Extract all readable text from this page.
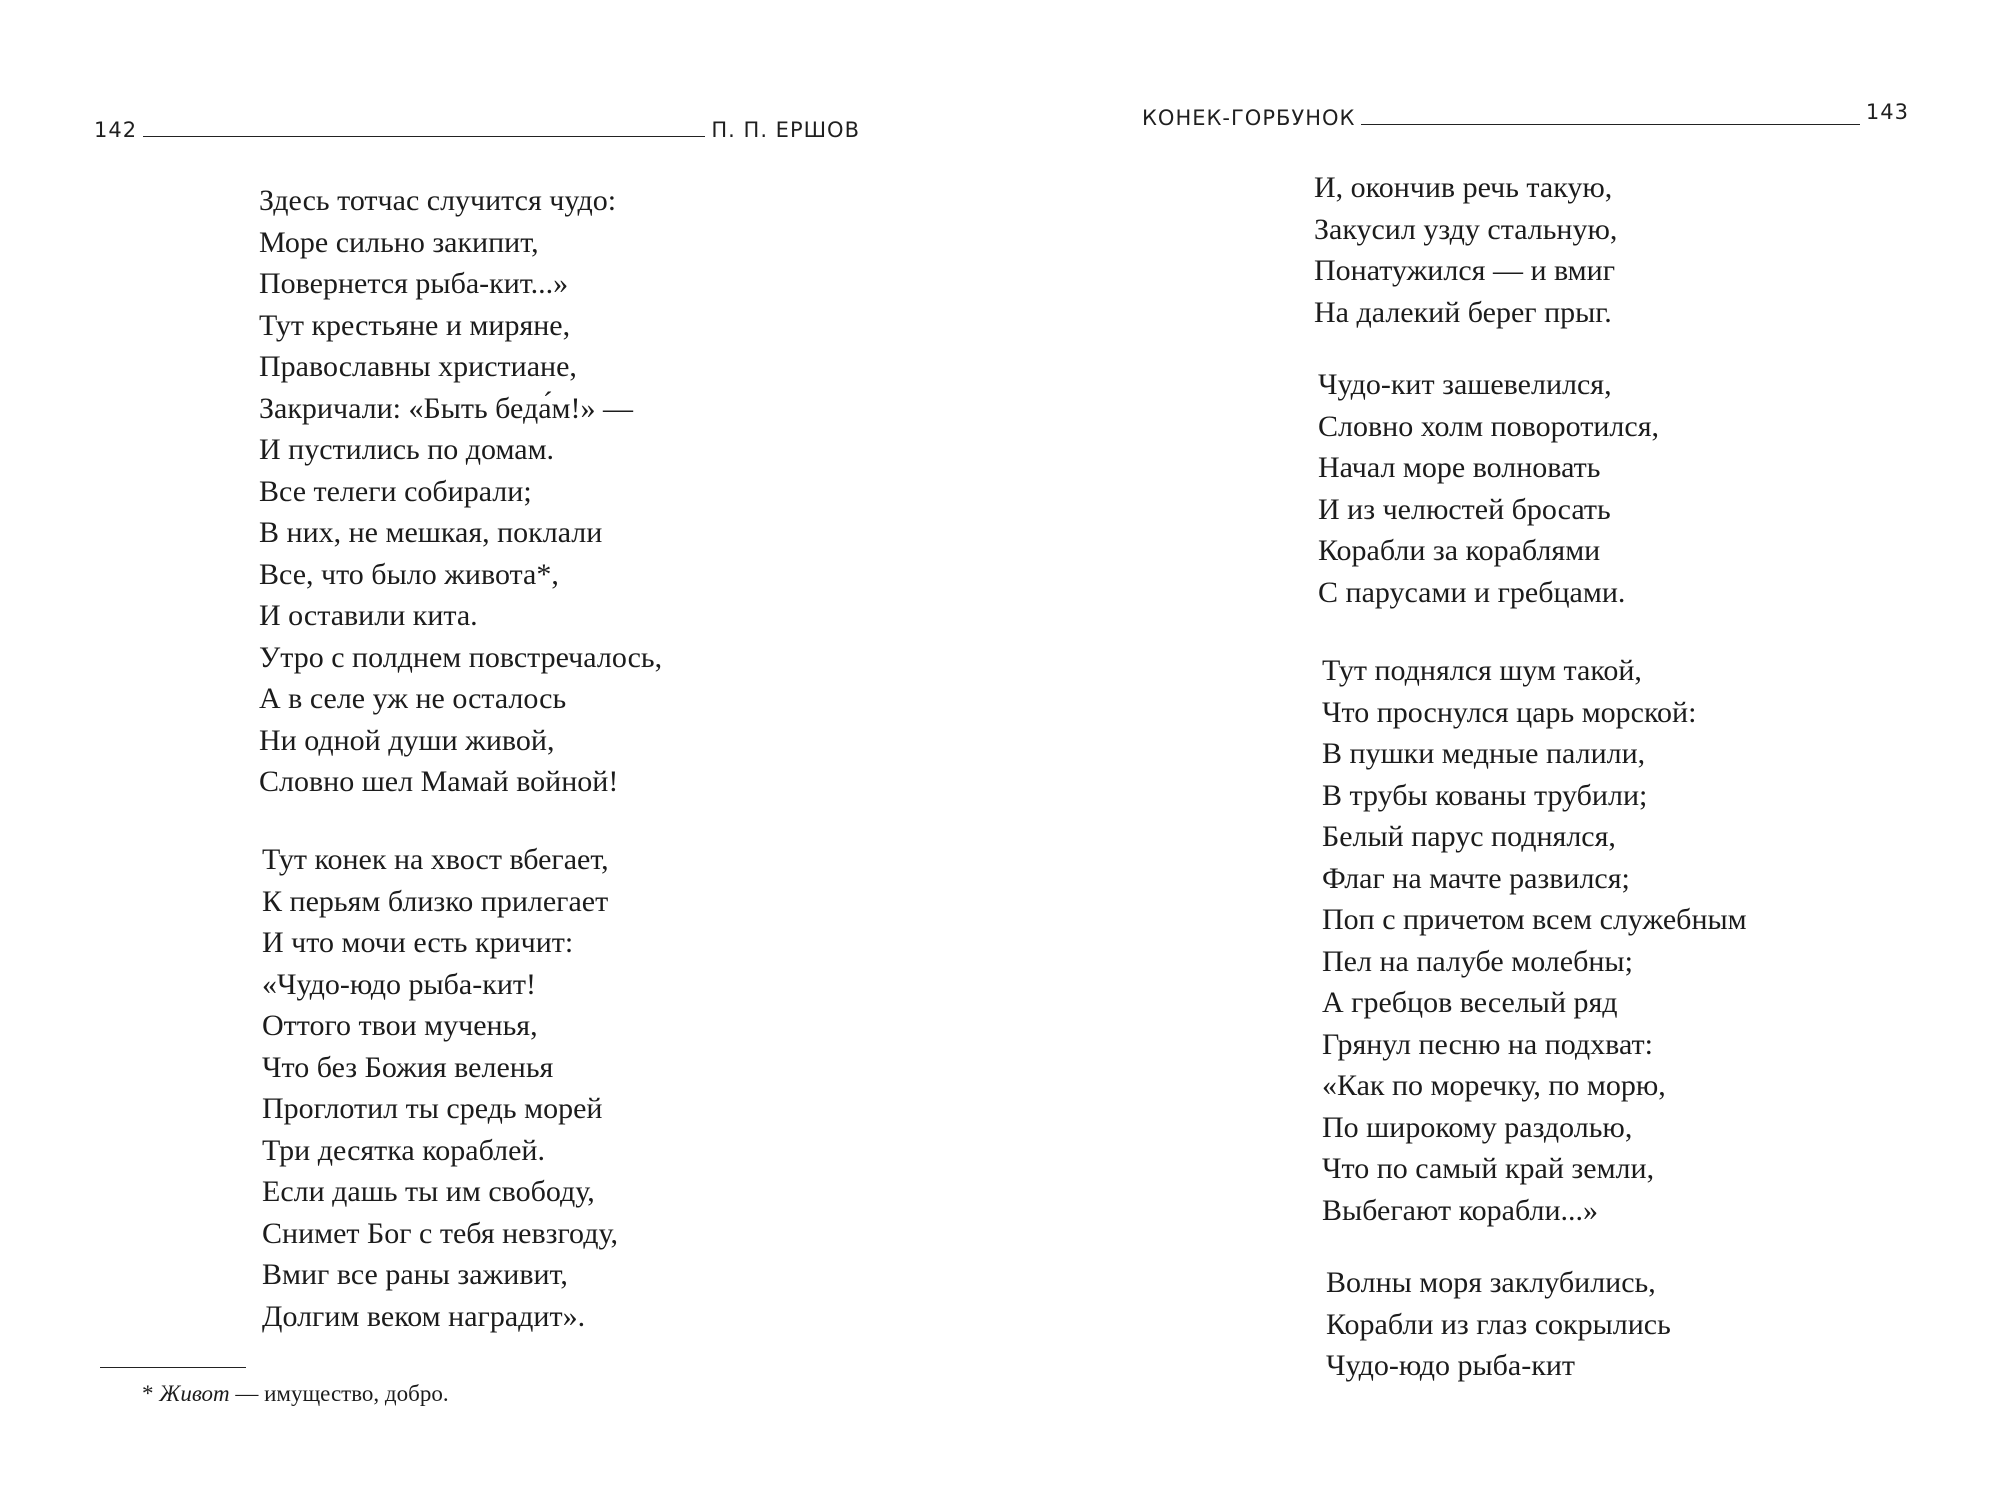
142	П. П. ЕРШОВ
Здесь тотчас случится чудо:
Море сильно закипит,
Повернется рыба-кит...»
Тут крестьяне и миряне,
Православны христиане,
Закричали: «Быть беда́м!» —
И пустились по домам.
Все телеги собирали;
В них, не мешкая, поклали
Все, что было живота*,
И оставили кита.
Утро с полднем повстречалось,
А в селе уж не осталось
Ни одной души живой,
Словно шел Мамай войной!
Тут конек на хвост вбегает,
К перьям близко прилегает
И что мочи есть кричит:
«Чудо-юдо рыба-кит!
Оттого твои мученья,
Что без Божия веленья
Проглотил ты средь морей
Три десятка кораблей.
Если дашь ты им свободу,
Снимет Бог с тебя невзгоду,
Вмиг все раны заживит,
Долгим веком наградит».
* Живот — имущество, добро.
КОНЕК-ГОРБУНОК	143
И, окончив речь такую,
Закусил узду стальную,
Понатужился — и вмиг
На далекий берег прыг.
Чудо-кит зашевелился,
Словно холм поворотился,
Начал море волновать
И из челюстей бросать
Корабли за кораблями
С парусами и гребцами.
Тут поднялся шум такой,
Что проснулся царь морской:
В пушки медные палили,
В трубы кованы трубили;
Белый парус поднялся,
Флаг на мачте развился;
Поп с причетом всем служебным
Пел на палубе молебны;
А гребцов веселый ряд
Грянул песню на подхват:
«Как по моречку, по морю,
По широкому раздолью,
Что по самый край земли,
Выбегают корабли...»
Волны моря заклубились,
Корабли из глаз сокрылись
Чудо-юдо рыба-кит
